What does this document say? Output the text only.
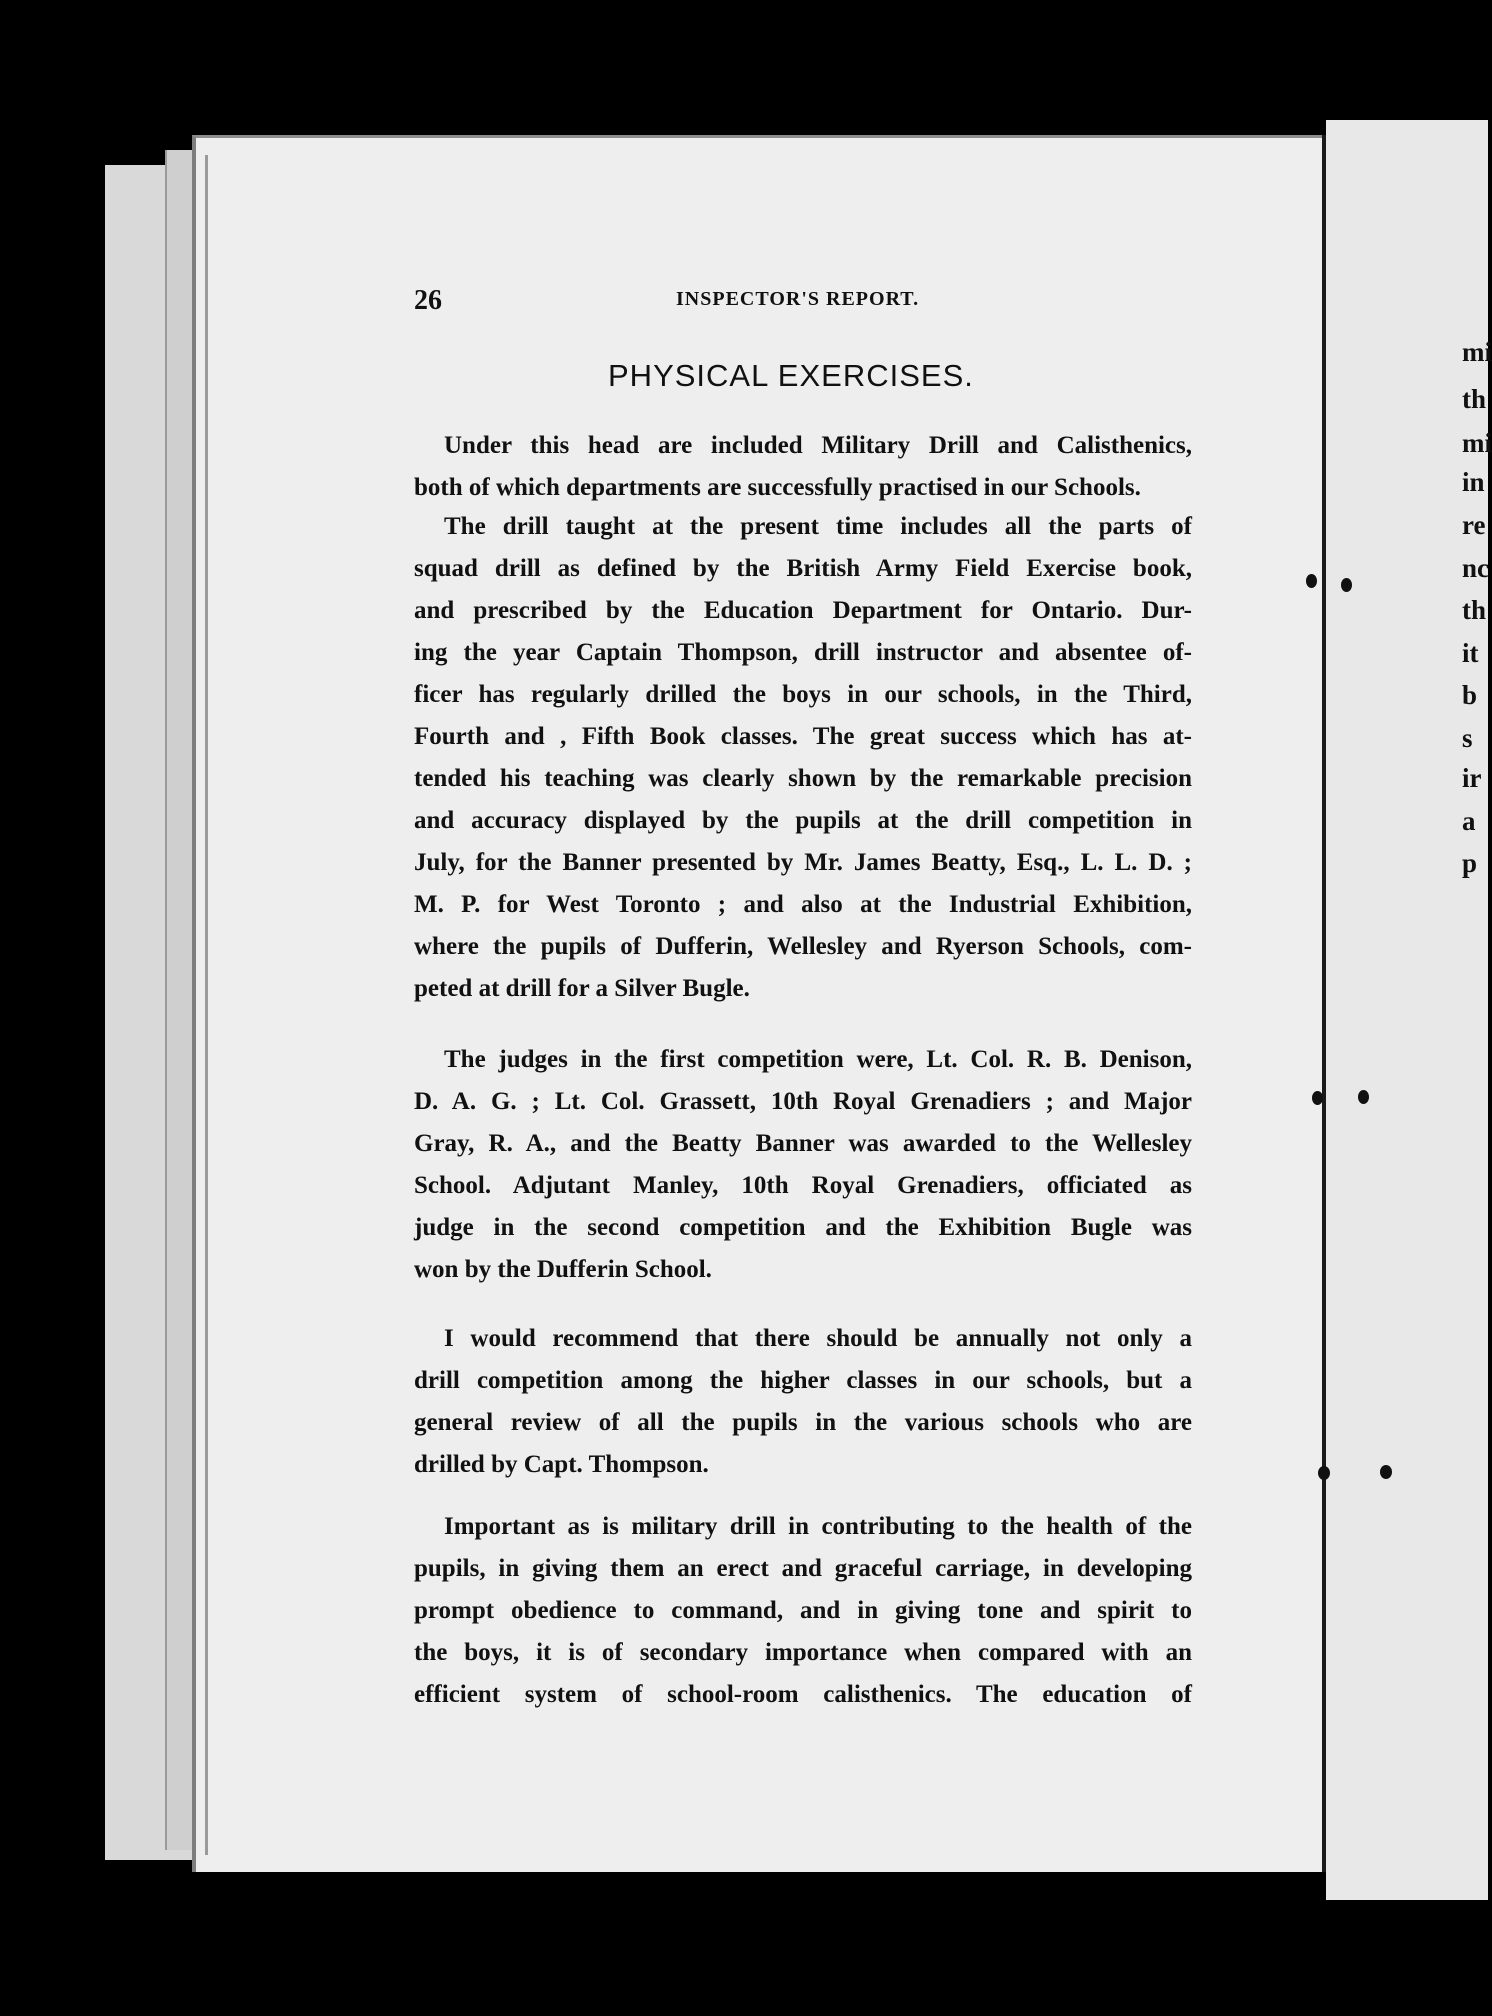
mi
th
mi
in
re
nc
th
it
b
s
ir
a
p
26	INSPECTOR'S REPORT.
PHYSICAL EXERCISES.
Under this head are included Military Drill and Calisthenics,
both of which departments are successfully practised in our Schools.
The drill taught at the present time includes all the parts of
squad drill as defined by the British Army Field Exercise book,
and prescribed by the Education Department for Ontario. Dur-
ing the year Captain Thompson, drill instructor and absentee of-
ficer has regularly drilled the boys in our schools, in the Third,
Fourth and , Fifth Book classes. The great success which has at-
tended his teaching was clearly shown by the remarkable precision
and accuracy displayed by the pupils at the drill competition in
July, for the Banner presented by Mr. James Beatty, Esq., L. L. D. ;
M. P. for West Toronto ; and also at the Industrial Exhibition,
where the pupils of Dufferin, Wellesley and Ryerson Schools, com-
peted at drill for a Silver Bugle.
The judges in the first competition were, Lt. Col. R. B. Denison,
D. A. G. ; Lt. Col. Grassett, 10th Royal Grenadiers ; and Major
Gray, R. A., and the Beatty Banner was awarded to the Wellesley
School. Adjutant Manley, 10th Royal Grenadiers, officiated as
judge in the second competition and the Exhibition Bugle was
won by the Dufferin School.
I would recommend that there should be annually not only a
drill competition among the higher classes in our schools, but a
general review of all the pupils in the various schools who are
drilled by Capt. Thompson.
Important as is military drill in contributing to the health of the
pupils, in giving them an erect and graceful carriage, in developing
prompt obedience to command, and in giving tone and spirit to
the boys, it is of secondary importance when compared with an
efficient system of school-room calisthenics. The education of
